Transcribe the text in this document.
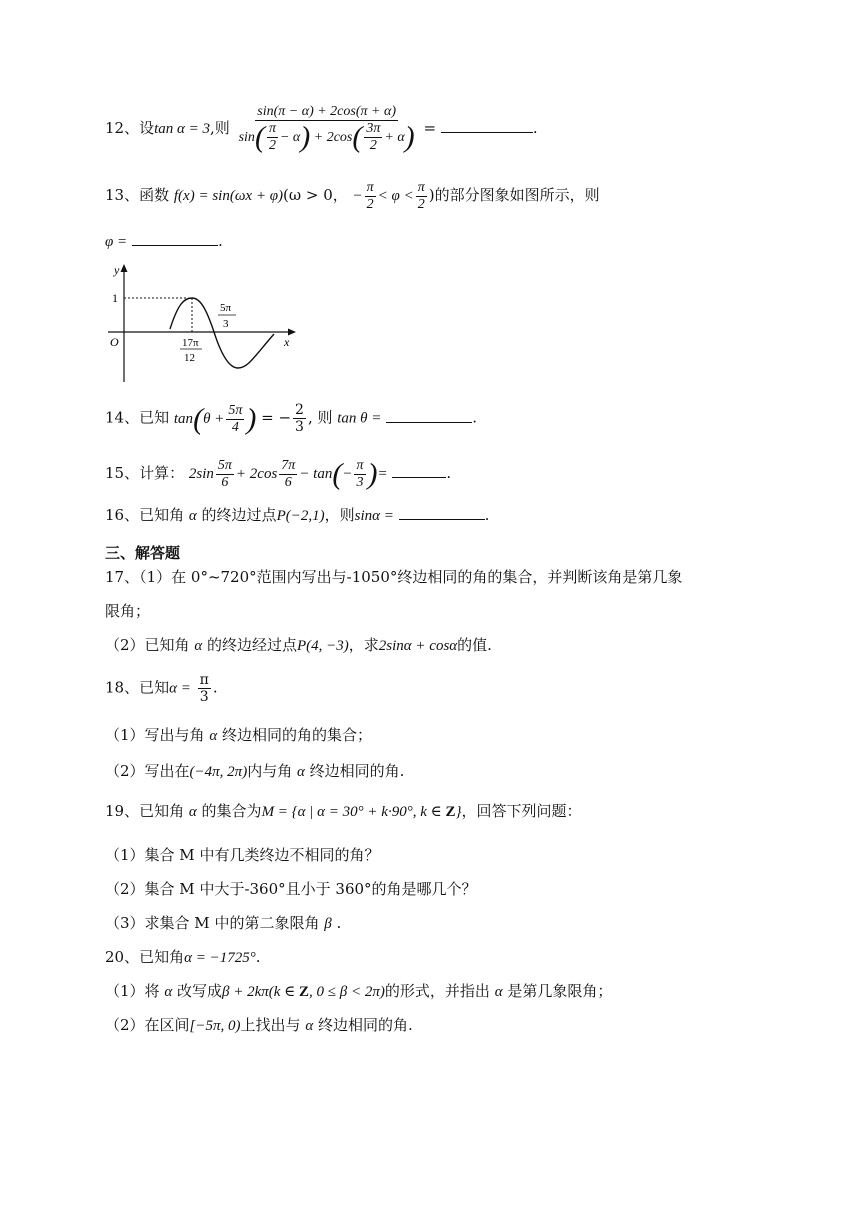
12、设tan α = 3,则 $\frac{\sin(\pi - \alpha) + 2\cos(\pi + \alpha)}{\sin( \frac{\pi}{2} - \alpha) + 2\cos( \frac{3\pi}{2} + \alpha)}$ =	.
13、函数 f(x) = sin(ωx + φ)(ω > 0， − $\frac{\pi}{2} < \varphi < \frac{\pi}{2}$ )的部分图象如图所示，则
φ =	.
y
x
O
1
17π
12
5π
3
14、已知 $\tan(\theta + \frac{5\pi}{4}$ ) = − $\frac{2}{3}$ , 则 tan θ =	.
15、计算： $2\sin \frac{5\pi}{6} + 2\cos \frac{7\pi}{6} - \tan(- \frac{\pi}{3}$ )=	.
16、已知角 α 的终边过点P(−2,1)，则sinα =	.
三、解答题
17、（1）在 0°~720°范围内写出与-1050°终边相同的角的集合，并判断该角是第几象
限角；
（2）已知角 α 的终边经过点P(4, −3)，求2sinα + cosα的值.
18、已知$\alpha = \frac{\pi}{3}$ .
（1）写出与角 α 终边相同的角的集合；
（2）写出在(−4π, 2π)内与角 α 终边相同的角.
19、已知角 α 的集合为M = {α | α = 30° + k·90°, k ∈ Z}，回答下列问题：
（1）集合 M 中有几类终边不相同的角？
（2）集合 M 中大于-360°且小于 360°的角是哪几个？
（3）求集合 M 中的第二象限角 β .
20、已知角α = −1725°.
（1）将 α 改写成β + 2kπ(k ∈ Z, 0 ≤ β < 2π)的形式，并指出 α 是第几象限角；
（2）在区间[−5π, 0)上找出与 α 终边相同的角.
